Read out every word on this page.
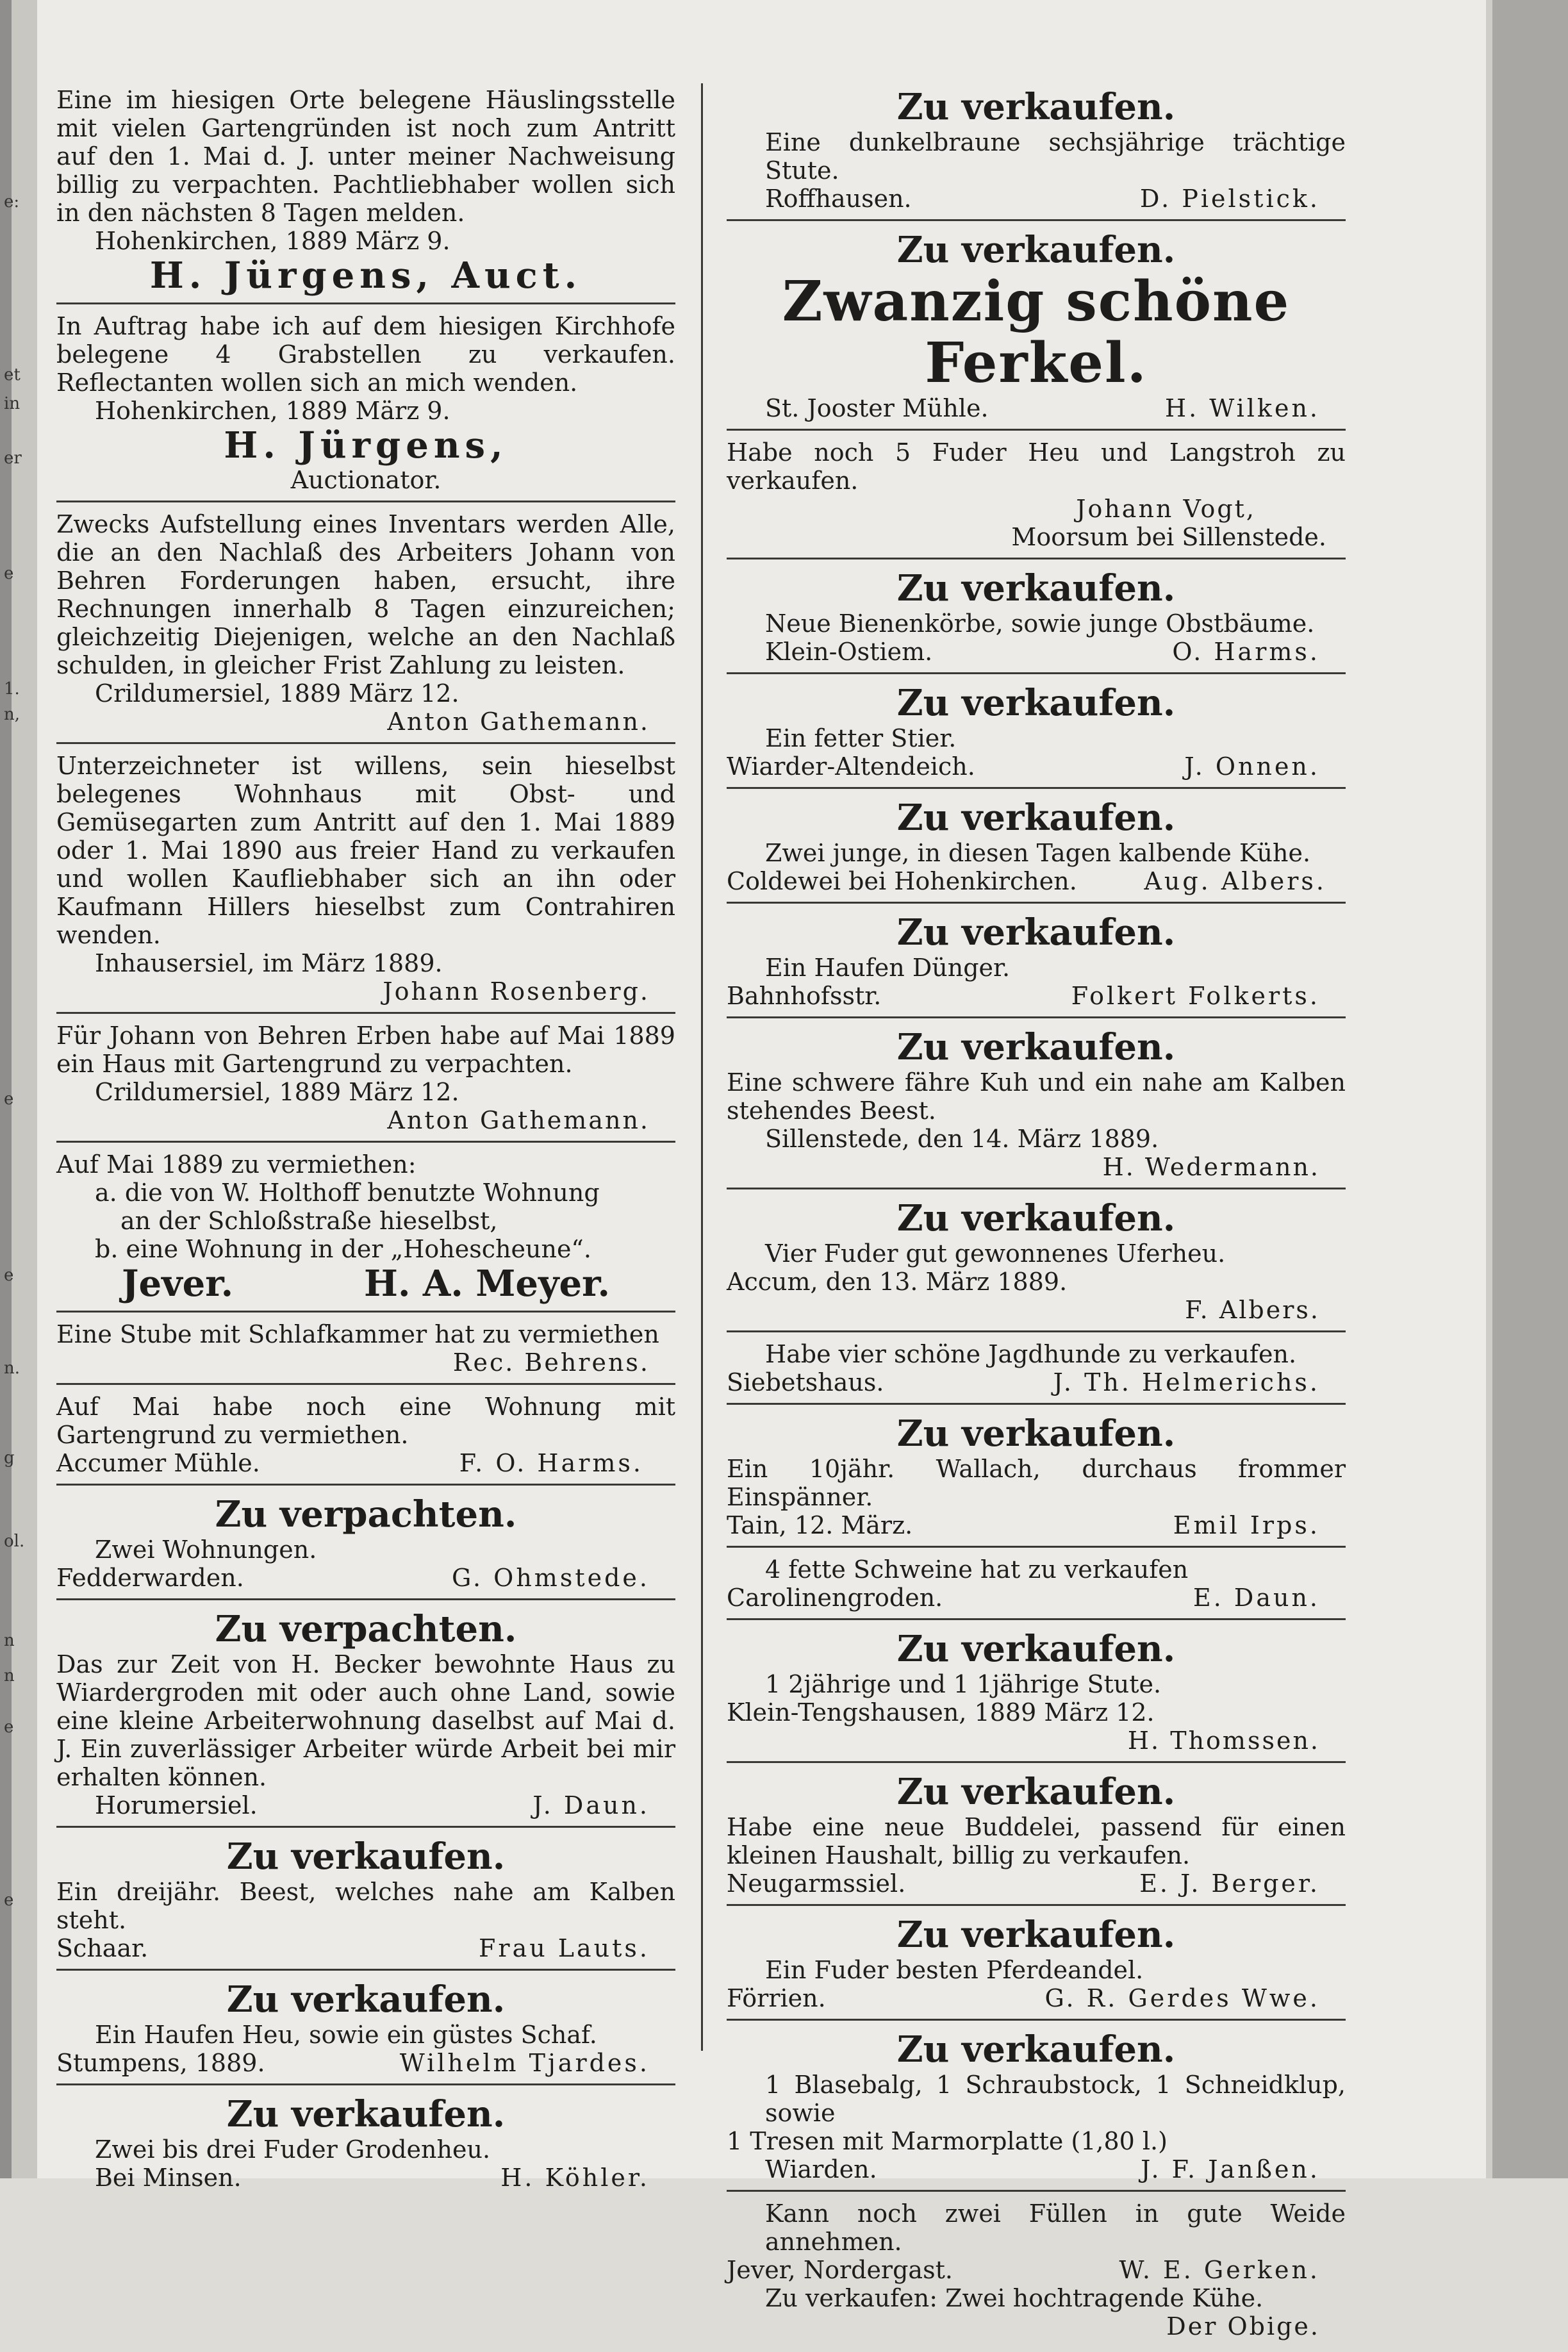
e:
et
in
er
e
1.
n,
e
e
n.
g
ol.
n
n
e
e

Eine im hiesigen Orte belegene Häuslingsstelle mit vielen Gartengründen ist noch zum Antritt auf den 1. Mai d. J. unter meiner Nachweisung billig zu verpachten. Pachtliebhaber wollen sich in den nächsten 8 Tagen melden.

Hohenkirchen, 1889 März 9.

H. Jürgens, Auct.

In Auftrag habe ich auf dem hiesigen Kirchhofe belegene 4 Grabstellen zu verkaufen. Reflectanten wollen sich an mich wenden.

Hohenkirchen, 1889 März 9.

H. Jürgens,
Auctionator.

Zwecks Aufstellung eines Inventars werden Alle, die an den Nachlaß des Arbeiters Johann von Behren Forderungen haben, ersucht, ihre Rechnungen innerhalb 8 Tagen einzureichen; gleichzeitig Diejenigen, welche an den Nachlaß schulden, in gleicher Frist Zahlung zu leisten.

Crildumersiel, 1889 März 12.

Anton Gathemann.

Unterzeichneter ist willens, sein hieselbst belegenes Wohnhaus mit Obst- und Gemüsegarten zum Antritt auf den 1. Mai 1889 oder 1. Mai 1890 aus freier Hand zu verkaufen und wollen Kaufliebhaber sich an ihn oder Kaufmann Hillers hieselbst zum Contrahiren wenden.

Inhausersiel, im März 1889.

Johann Rosenberg.

Für Johann von Behren Erben habe auf Mai 1889 ein Haus mit Gartengrund zu verpachten.

Crildumersiel, 1889 März 12.

Anton Gathemann.

Auf Mai 1889 zu vermiethen:

a. die von W. Holthoff benutzte Wohnung

an der Schloßstraße hieselbst,

b. eine Wohnung in der „Hohescheune“.

Jever.	H. A. Meyer.

Eine Stube mit Schlafkammer hat zu vermiethen

Rec. Behrens.

Auf Mai habe noch eine Wohnung mit Gartengrund zu vermiethen.

Accumer Mühle.	F. O. Harms.
Zu verpachten.

Zwei Wohnungen.

Fedderwarden.	G. Ohmstede.
Zu verpachten.

Das zur Zeit von H. Becker bewohnte Haus zu Wiardergroden mit oder auch ohne Land, sowie eine kleine Arbeiterwohnung daselbst auf Mai d. J. Ein zuverlässiger Arbeiter würde Arbeit bei mir erhalten können.

Horumersiel.	J. Daun.
Zu verkaufen.

Ein dreijähr. Beest, welches nahe am Kalben steht.

Schaar.	Frau Lauts.
Zu verkaufen.

Ein Haufen Heu, sowie ein güstes Schaf.

Stumpens, 1889.	Wilhelm Tjardes.
Zu verkaufen.

Zwei bis drei Fuder Grodenheu.

Bei Minsen.	H. Köhler.
Zu verkaufen.

Eine dunkelbraune sechsjährige trächtige Stute.

Roffhausen.	D. Pielstick.
Zu verkaufen.
Zwanzig schöne Ferkel.
St. Jooster Mühle.	H. Wilken.

Habe noch 5 Fuder Heu und Langstroh zu verkaufen.

Johann Vogt,
Moorsum bei Sillenstede.
Zu verkaufen.

Neue Bienenkörbe, sowie junge Obstbäume.

Klein-Ostiem.	O. Harms.
Zu verkaufen.

Ein fetter Stier.

Wiarder-Altendeich.	J. Onnen.
Zu verkaufen.

Zwei junge, in diesen Tagen kalbende Kühe.

Coldewei bei Hohenkirchen.	Aug. Albers.
Zu verkaufen.

Ein Haufen Dünger.

Bahnhofsstr.	Folkert Folkerts.
Zu verkaufen.

Eine schwere fähre Kuh und ein nahe am Kalben stehendes Beest.

Sillenstede, den 14. März 1889.

H. Wedermann.
Zu verkaufen.

Vier Fuder gut gewonnenes Uferheu.

Accum, den 13. März 1889.

F. Albers.

Habe vier schöne Jagdhunde zu verkaufen.

Siebetshaus.	J. Th. Helmerichs.
Zu verkaufen.

Ein 10jähr. Wallach, durchaus frommer Einspänner.

Tain, 12. März.	Emil Irps.

4 fette Schweine hat zu verkaufen

Carolinengroden.	E. Daun.
Zu verkaufen.

1 2jährige und 1 1jährige Stute.

Klein-Tengshausen, 1889 März 12.

H. Thomssen.
Zu verkaufen.

Habe eine neue Buddelei, passend für einen kleinen Haushalt, billig zu verkaufen.

Neugarmssiel.	E. J. Berger.
Zu verkaufen.

Ein Fuder besten Pferdeandel.

Förrien.	G. R. Gerdes Wwe.
Zu verkaufen.

1 Blasebalg, 1 Schraubstock, 1 Schneidklup, sowie

1 Tresen mit Marmorplatte (1,80 l.)

Wiarden.	J. F. Janßen.

Kann noch zwei Füllen in gute Weide annehmen.

Jever, Nordergast.	W. E. Gerken.

Zu verkaufen: Zwei hochtragende Kühe.

Der Obige.
